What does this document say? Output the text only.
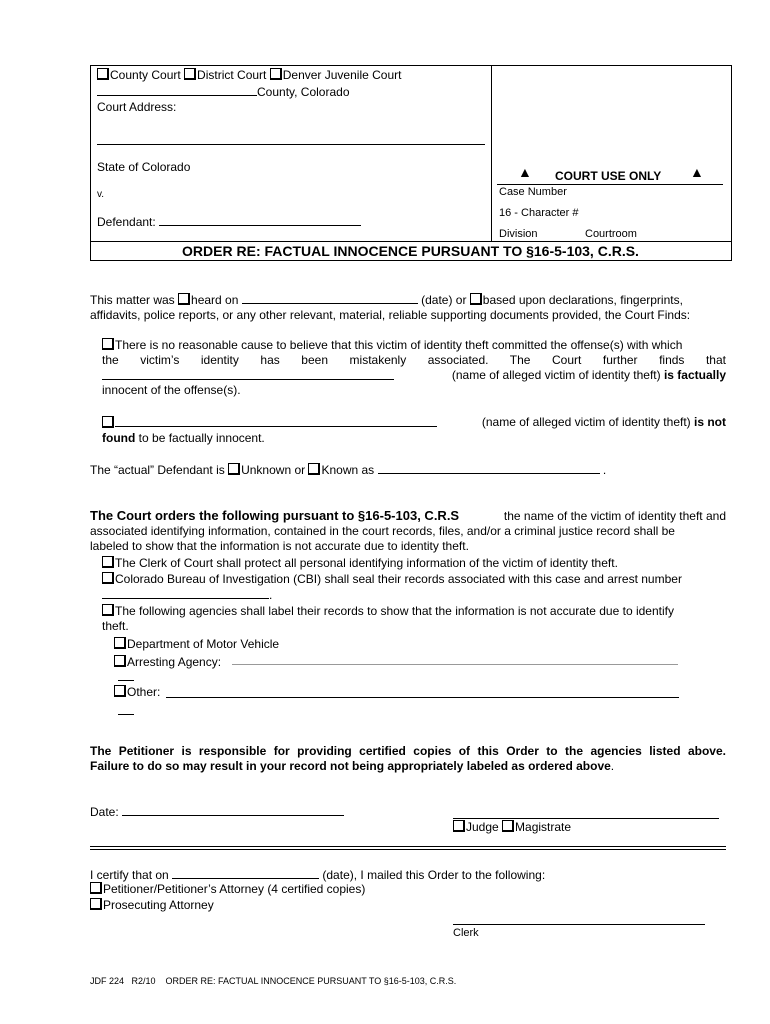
County Court District Court Denver Juvenile Court
County, Colorado
Court Address:
State of Colorado
v.
Defendant:
▲ COURT USE ONLY ▲
Case Number
16 - Character #
Division	Courtroom
ORDER RE: FACTUAL INNOCENCE PURSUANT TO §16-5-103, C.R.S.
This matter was heard on	(date) or based upon declarations, fingerprints,
affidavits, police reports, or any other relevant, material, reliable supporting documents provided, the Court Finds:
There is no reasonable cause to believe that this victim of identity theft committed the offense(s) with which
the victim’s identity has been mistakenly associated. The Court further finds that
(name of alleged victim of identity theft) is factually
innocent of the offense(s).
(name of alleged victim of identity theft) is not
found to be factually innocent.
The “actual” Defendant is Unknown or Known as	.
The Court orders the following pursuant to §16-5-103, C.R.S	the name of the victim of identity theft and
associated identifying information, contained in the court records, files, and/or a criminal justice record shall be
labeled to show that the information is not accurate due to identity theft.
The Clerk of Court shall protect all personal identifying information of the victim of identity theft.
Colorado Bureau of Investigation (CBI) shall seal their records associated with this case and arrest number
.
The following agencies shall label their records to show that the information is not accurate due to identify
theft.
Department of Motor Vehicle
Arresting Agency:
Other:
The Petitioner is responsible for providing certified copies of this Order to the agencies listed above.
Failure to do so may result in your record not being appropriately labeled as ordered above.
Date:
Judge Magistrate
I certify that on	(date), I mailed this Order to the following:
Petitioner/Petitioner’s Attorney (4 certified copies)
Prosecuting Attorney
Clerk
JDF 224   R2/10    ORDER RE: FACTUAL INNOCENCE PURSUANT TO §16-5-103, C.R.S.
